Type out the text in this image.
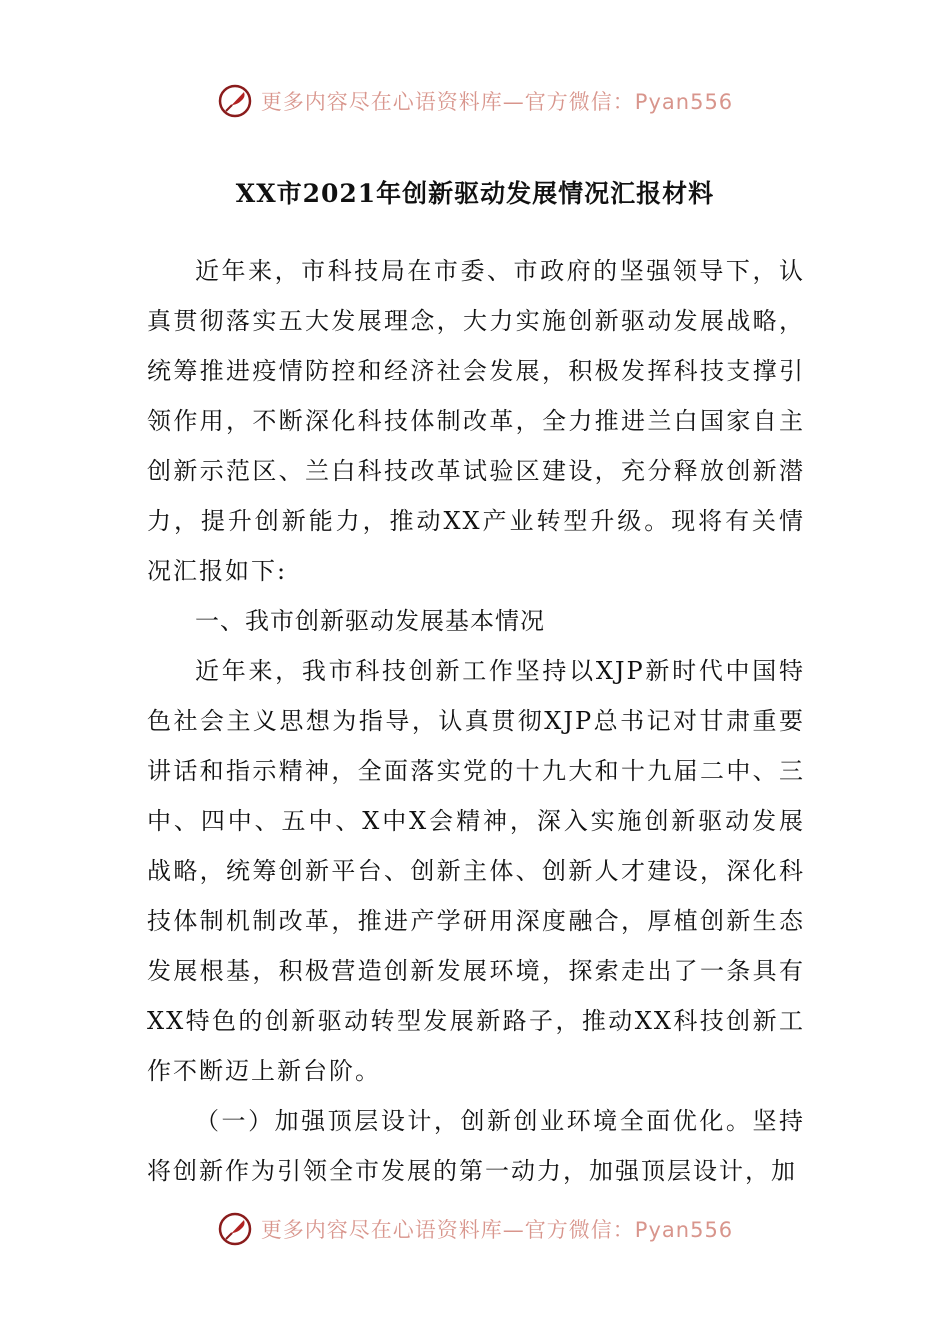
更多内容尽在心语资料库—官方微信：Pyan556
XX市2021年创新驱动发展情况汇报材料

近年来，市科技局在市委、市政府的坚强领导下，认真贯彻落实五大发展理念，大力实施创新驱动发展战略，统筹推进疫情防控和经济社会发展，积极发挥科技支撑引领作用，不断深化科技体制改革，全力推进兰白国家自主创新示范区、兰白科技改革试验区建设，充分释放创新潜力，提升创新能力，推动XX产业转型升级。现将有关情况汇报如下:

一、我市创新驱动发展基本情况

近年来，我市科技创新工作坚持以XJP新时代中国特色社会主义思想为指导，认真贯彻XJP总书记对甘肃重要讲话和指示精神，全面落实党的十九大和十九届二中、三中、四中、五中、X中X会精神，深入实施创新驱动发展战略，统筹创新平台、创新主体、创新人才建设，深化科技体制机制改革，推进产学研用深度融合，厚植创新生态发展根基，积极营造创新发展环境，探索走出了一条具有XX特色的创新驱动转型发展新路子，推动XX科技创新工作不断迈上新台阶。

（一）加强顶层设计，创新创业环境全面优化。坚持将创新作为引领全市发展的第一动力，加强顶层设计，加

更多内容尽在心语资料库—官方微信：Pyan556
